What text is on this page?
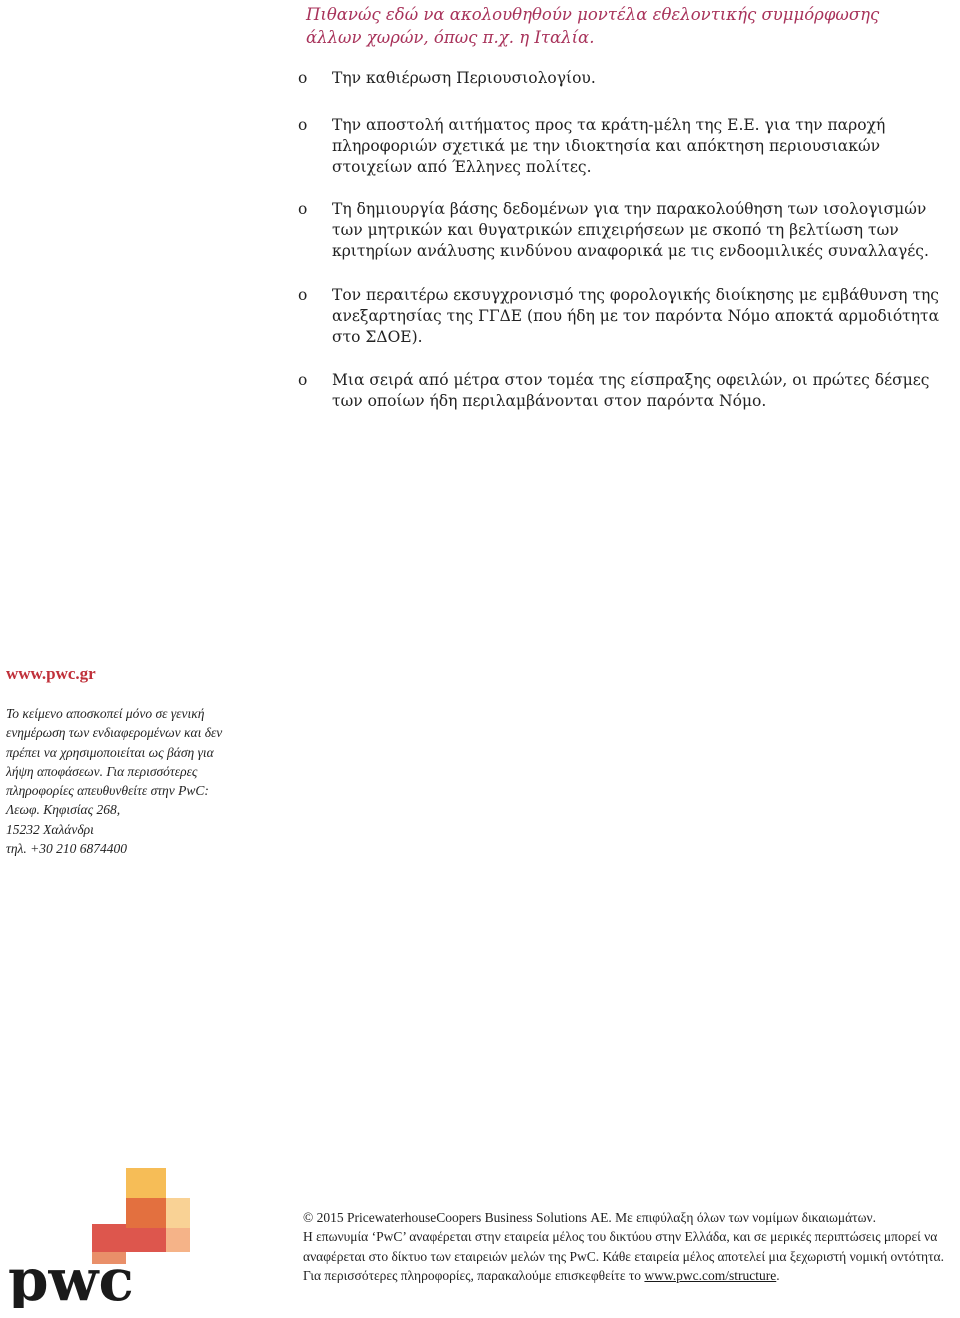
Πιθανώς εδώ να ακολουθηθούν μοντέλα εθελοντικής συμμόρφωσης άλλων χωρών, όπως π.χ. η Ιταλία.

o	Την καθιέρωση Περιουσιολογίου.
o	Την αποστολή αιτήματος προς τα κράτη-μέλη της Ε.Ε. για την παροχή πληροφοριών σχετικά με την ιδιοκτησία και απόκτηση περιουσιακών στοιχείων από Έλληνες πολίτες.
o	Τη δημιουργία βάσης δεδομένων για την παρακολούθηση των ισολογισμών των μητρικών και θυγατρικών επιχειρήσεων με σκοπό τη βελτίωση των κριτηρίων ανάλυσης κινδύνου αναφορικά με τις ενδοομιλικές συναλλαγές.
o	Τον περαιτέρω εκσυγχρονισμό της φορολογικής διοίκησης με εμβάθυνση της ανεξαρτησίας της ΓΓΔΕ (που ήδη με τον παρόντα Νόμο αποκτά αρμοδιότητα στο ΣΔΟΕ).
o	Μια σειρά από μέτρα στον τομέα της είσπραξης οφειλών, οι πρώτες δέσμες των οποίων ήδη περιλαμβάνονται στον παρόντα Νόμο.

www.pwc.gr

Το κείμενο αποσκοπεί μόνο σε γενική ενημέρωση των ενδιαφερομένων και δεν πρέπει να χρησιμοποιείται ως βάση για λήψη αποφάσεων. Για περισσότερες πληροφορίες απευθυνθείτε στην PwC:
Λεωφ. Κηφισίας 268,
15232 Χαλάνδρι
τηλ. +30 210 6874400
pwc
© 2015 PricewaterhouseCoopers Business Solutions ΑΕ. Με επιφύλαξη όλων των νομίμων δικαιωμάτων.
Η επωνυμία ‘PwC’ αναφέρεται στην εταιρεία μέλος του δικτύου στην Ελλάδα, και σε μερικές περιπτώσεις μπορεί να αναφέρεται στο δίκτυο των εταιρειών μελών της PwC. Κάθε εταιρεία μέλος αποτελεί μια ξεχωριστή νομική οντότητα. Για περισσότερες πληροφορίες, παρακαλούμε επισκεφθείτε το www.pwc.com/structure.
